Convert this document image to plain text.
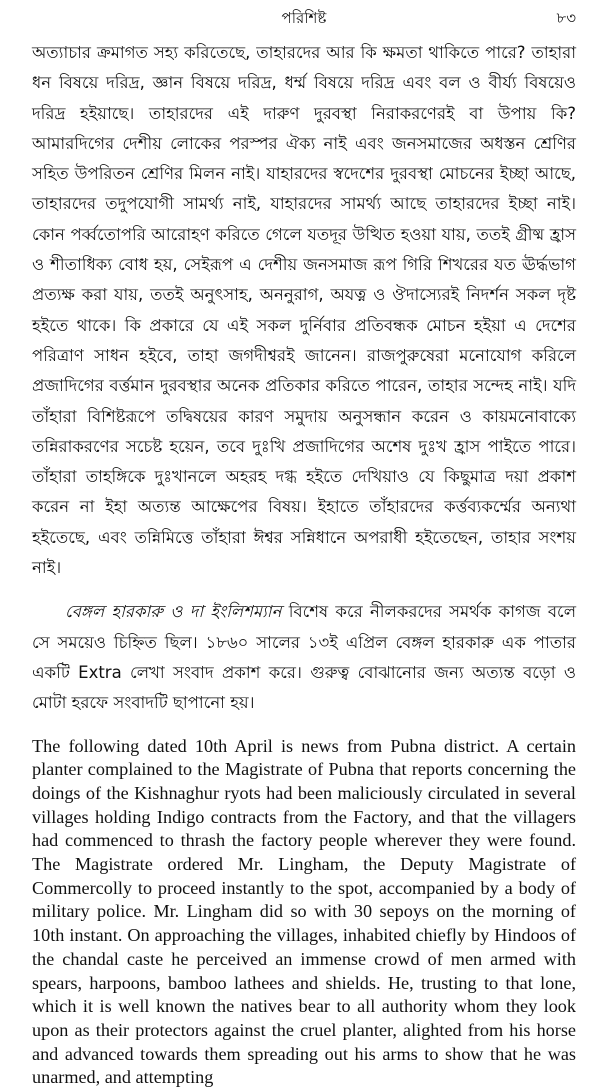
পরিশিষ্ট	৮৩

অত্যাচার ক্রমাগত সহ্য করিতেছে, তাহারদের আর কি ক্ষমতা থাকিতে পারে? তাহারা ধন বিষয়ে দরিদ্র, জ্ঞান বিষয়ে দরিদ্র, ধর্ম্ম বিষয়ে দরিদ্র এবং বল ও বীর্য্য বিষয়েও দরিদ্র হইয়াছে। তাহারদের এই দারুণ দুরবস্থা নিরাকরণেরই বা উপায় কি? আমারদিগের দেশীয় লোকের পরস্পর ঐক্য নাই এবং জনসমাজের অধস্তন শ্রেণির সহিত উপরিতন শ্রেণির মিলন নাই। যাহারদের স্বদেশের দুরবস্থা মোচনের ইচ্ছা আছে, তাহারদের তদুপযোগী সামর্থ্য নাই, যাহারদের সামর্থ্য আছে তাহারদের ইচ্ছা নাই। কোন পর্ব্বতোপরি আরোহণ করিতে গেলে যতদূর উত্থিত হওয়া যায়, ততই গ্রীষ্ম হ্রাস ও শীতাধিক্য বোধ হয়, সেইরূপ এ দেশীয় জনসমাজ রূপ গিরি শিখরের যত ঊর্দ্ধভাগ প্রত্যক্ষ করা যায়, ততই অনুৎসাহ, অননুরাগ, অযত্ন ও ঔদাস্যেরই নিদর্শন সকল দৃষ্ট হইতে থাকে। কি প্রকারে যে এই সকল দুর্নিবার প্রতিবন্ধক মোচন হইয়া এ দেশের পরিত্রাণ সাধন হইবে, তাহা জগদীশ্বরই জানেন। রাজপুরুষেরা মনোযোগ করিলে প্রজাদিগের বর্ত্তমান দুরবস্থার অনেক প্রতিকার করিতে পারেন, তাহার সন্দেহ নাই। যদি তাঁহারা বিশিষ্টরূপে তদ্বিষয়ের কারণ সমুদায় অনুসন্ধান করেন ও কায়মনোবাক্যে তন্নিরাকরণের সচেষ্ট হয়েন, তবে দুঃখি প্রজাদিগের অশেষ দুঃখ হ্রাস পাইতে পারে। তাঁহারা তাহঙ্গিকে দুঃখানলে অহরহ দগ্ধ হইতে দেখিয়াও যে কিছুমাত্র দয়া প্রকাশ করেন না ইহা অত্যন্ত আক্ষেপের বিষয়। ইহাতে তাঁহারদের কর্ত্তব্যকর্ম্মের অন্যথা হইতেছে, এবং তন্নিমিত্তে তাঁহারা ঈশ্বর সন্নিধানে অপরাধী হইতেছেন, তাহার সংশয় নাই।

বেঙ্গল হারকারু ও দা ইংলিশম্যান বিশেষ করে নীলকরদের সমর্থক কাগজ বলে সে সময়েও চিহ্নিত ছিল। ১৮৬০ সালের ১৩ই এপ্রিল বেঙ্গল হারকারু এক পাতার একটি Extra লেখা সংবাদ প্রকাশ করে। গুরুত্ব বোঝানোর জন্য অত্যন্ত বড়ো ও মোটা হরফে সংবাদটি ছাপানো হয়।

The following dated 10th April is news from Pubna district. A certain planter complained to the Magistrate of Pubna that reports concerning the doings of the Kishnaghur ryots had been maliciously circulated in several villages holding Indigo contracts from the Factory, and that the villagers had commenced to thrash the factory people wherever they were found. The Magistrate ordered Mr. Lingham, the Deputy Magistrate of Commercolly to proceed instantly to the spot, accompanied by a body of military police. Mr. Lingham did so with 30 sepoys on the morning of 10th instant. On approaching the villages, inhabited chiefly by Hindoos of the chandal caste he perceived an immense crowd of men armed with spears, harpoons, bamboo lathees and shields. He, trusting to that lone, which it is well known the natives bear to all authority whom they look upon as their protectors against the cruel planter, alighted from his horse and advanced towards them spreading out his arms to show that he was unarmed, and attempting
